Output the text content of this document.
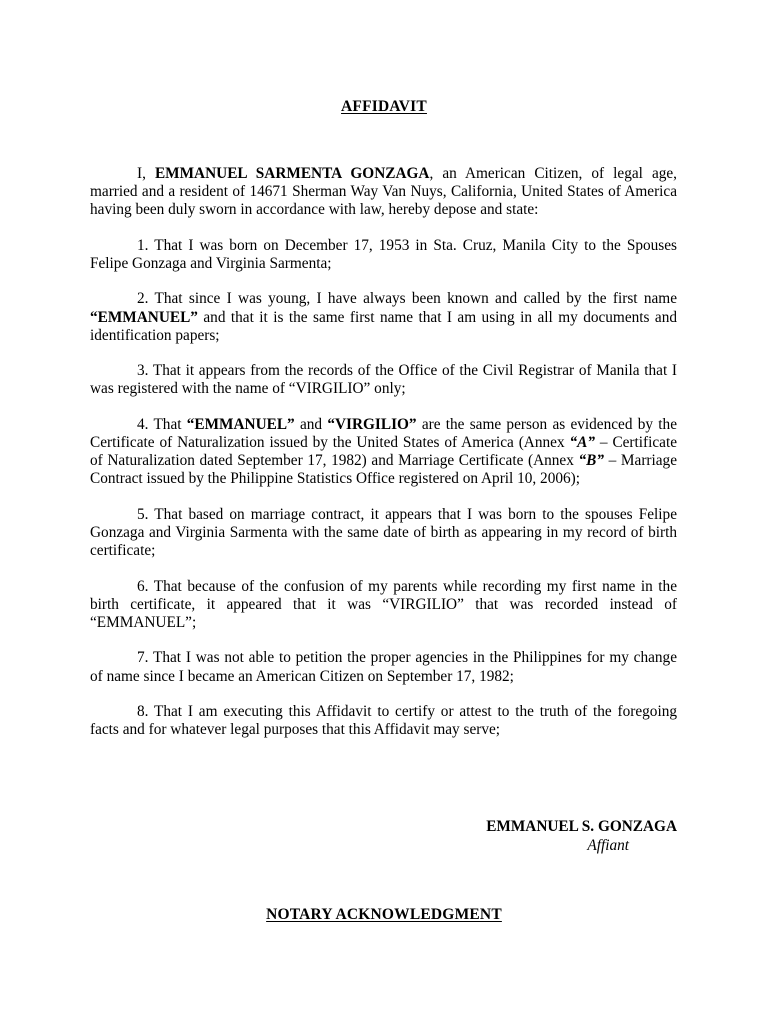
AFFIDAVIT

I, EMMANUEL SARMENTA GONZAGA, an American Citizen, of legal age, married and a resident of 14671 Sherman Way Van Nuys, California, United States of America having been duly sworn in accordance with law, hereby depose and state:

1. That I was born on December 17, 1953 in Sta. Cruz, Manila City to the Spouses Felipe Gonzaga and Virginia Sarmenta;

2. That since I was young, I have always been known and called by the first name “EMMANUEL” and that it is the same first name that I am using in all my documents and identification papers;

3. That it appears from the records of the Office of the Civil Registrar of Manila that I was registered with the name of “VIRGILIO” only;

4. That “EMMANUEL” and “VIRGILIO” are the same person as evidenced by the Certificate of Naturalization issued by the United States of America (Annex “A” – Certificate of Naturalization dated September 17, 1982) and Marriage Certificate (Annex “B” – Marriage Contract issued by the Philippine Statistics Office registered on April 10, 2006);

5. That based on marriage contract, it appears that I was born to the spouses Felipe Gonzaga and Virginia Sarmenta with the same date of birth as appearing in my record of birth certificate;

6. That because of the confusion of my parents while recording my first name in the birth certificate, it appeared that it was “VIRGILIO” that was recorded instead of “EMMANUEL”;

7. That I was not able to petition the proper agencies in the Philippines for my change of name since I became an American Citizen on September 17, 1982;

8. That I am executing this Affidavit to certify or attest to the truth of the foregoing facts and for whatever legal purposes that this Affidavit may serve;

EMMANUEL S. GONZAGA
Affiant
NOTARY ACKNOWLEDGMENT
